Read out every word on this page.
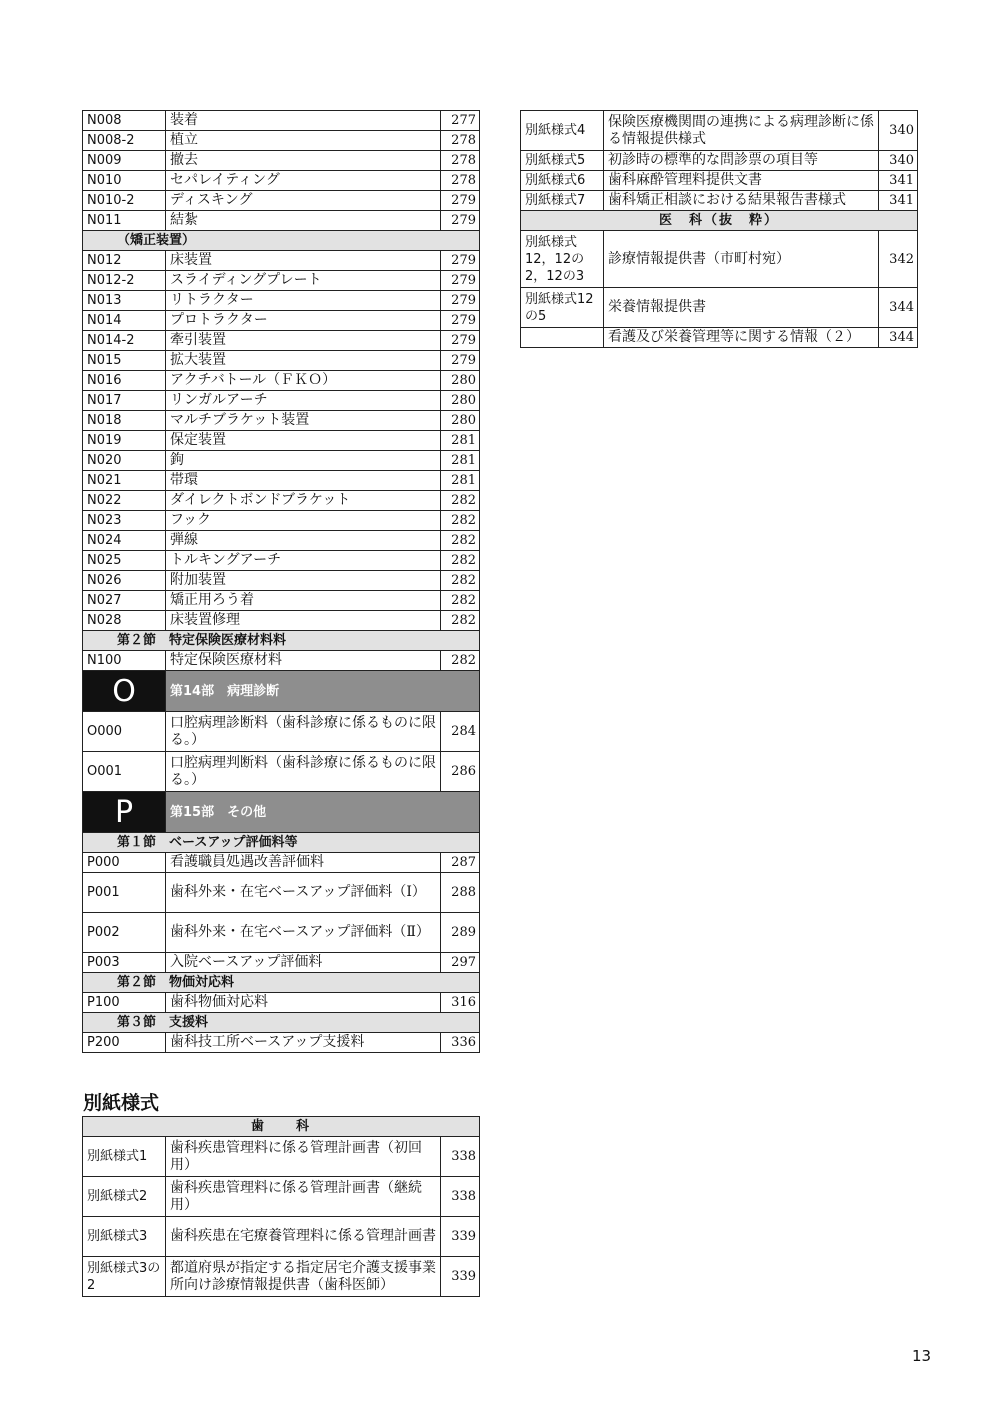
N008	装着	277
N008-2	植立	278
N009	撤去	278
N010	セパレイティング	278
N010-2	ディスキング	279
N011	結紮	279
（矯正装置）		
N012	床装置	279
N012-2	スライディングプレート	279
N013	リトラクター	279
N014	プロトラクター	279
N014-2	牽引装置	279
N015	拡大装置	279
N016	アクチバトール（ＦＫＯ）	280
N017	リンガルアーチ	280
N018	マルチブラケット装置	280
N019	保定装置	281
N020	鉤	281
N021	帯環	281
N022	ダイレクトボンドブラケット	282
N023	フック	282
N024	弾線	282
N025	トルキングアーチ	282
N026	附加装置	282
N027	矯正用ろう着	282
N028	床装置修理	282
第２節　特定保険医療材料料		
N100	特定保険医療材料	282
O	第14部　病理診断	
O000	口腔病理診断料（歯科診療に係るものに限る。）	284
O001	口腔病理判断料（歯科診療に係るものに限る。）	286
P	第15部　その他	
第１節　ベースアップ評価料等		
P000	看護職員処遇改善評価料	287
P001	歯科外来・在宅ベースアップ評価料（Ⅰ）	288
P002	歯科外来・在宅ベースアップ評価料（Ⅱ）	289
P003	入院ベースアップ評価料	297
第２節　物価対応料		
P100	歯科物価対応料	316
第３節　支援料		
P200	歯科技工所ベースアップ支援料	336
別紙様式
歯　　科		
別紙様式1	歯科疾患管理料に係る管理計画書（初回用）	338
別紙様式2	歯科疾患管理料に係る管理計画書（継続用）	338
別紙様式3	歯科疾患在宅療養管理料に係る管理計画書	339
別紙様式3の2	都道府県が指定する指定居宅介護支援事業所向け診療情報提供書（歯科医師）	339
別紙様式4	保険医療機関間の連携による病理診断に係る情報提供様式	340
別紙様式5	初診時の標準的な問診票の項目等	340
別紙様式6	歯科麻酔管理料提供文書	341
別紙様式7	歯科矯正相談における結果報告書様式	341
医　科（抜　粋）		
別紙様式12，12の2，12の3	診療情報提供書（市町村宛）	342
別紙様式12の5	栄養情報提供書	344
	看護及び栄養管理等に関する情報（２）	344
13
